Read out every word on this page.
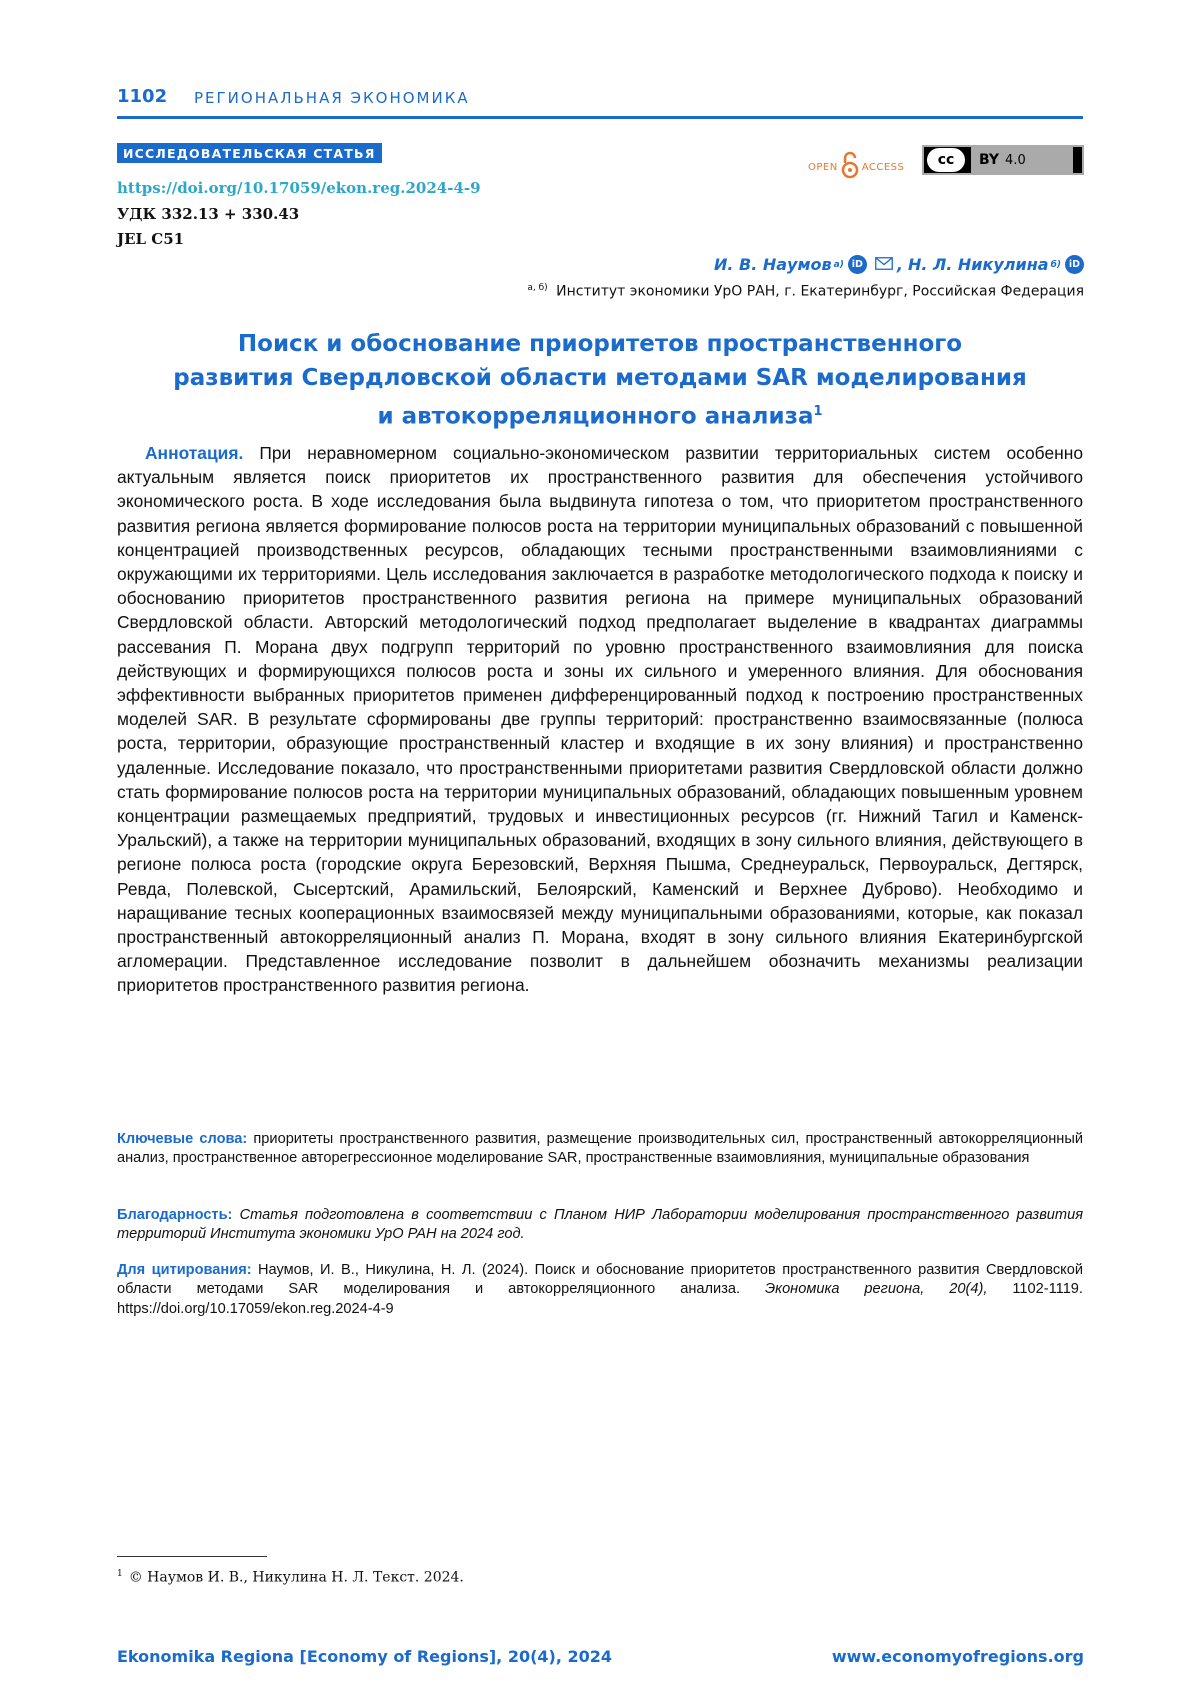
1102 РЕГИОНАЛЬНАЯ ЭКОНОМИКА
ИССЛЕДОВАТЕЛЬСКАЯ СТАТЬЯ
https://doi.org/10.17059/ekon.reg.2024-4-9
УДК 332.13 + 330.43
JEL C51
OPEN ACCESS	cc	BY 4.0
И. В. Наумов а) iD , Н. Л. Никулина б) iD
$^{а, б)}$ Институт экономики УрО РАН, г. Екатеринбург, Российская Федерация
Поиск и обоснование приоритетов пространственного
развития Свердловской области методами SAR моделирования
и автокорреляционного анализа$^1$

Аннотация. При неравномерном социально-экономическом развитии территориальных систем особенно актуальным является поиск приоритетов их пространственного развития для обеспечения устойчивого экономического роста. В ходе исследования была выдвинута гипотеза о том, что приоритетом пространственного развития региона является формирование полюсов роста на территории муниципальных образований с повышенной концентрацией производственных ресурсов, обладающих тесными пространственными взаимовлияниями с окружающими их территориями. Цель исследования заключается в разработке методологического подхода к поиску и обоснованию приоритетов пространственного развития региона на примере муниципальных образований Свердловской области. Авторский методологический подход предполагает выделение в квадрантах диаграммы рассевания П. Морана двух подгрупп территорий по уровню пространственного взаимовлияния для поиска действующих и формирующихся полюсов роста и зоны их сильного и умеренного влияния. Для обоснования эффективности выбранных приоритетов применен дифференцированный подход к построению пространственных моделей SAR. В результате сформированы две группы территорий: пространственно взаимосвязанные (полюса роста, территории, образующие пространственный кластер и входящие в их зону влияния) и пространственно удаленные. Исследование показало, что пространственными приоритетами развития Свердловской области должно стать формирование полюсов роста на территории муниципальных образований, обладающих повышенным уровнем концентрации размещаемых предприятий, трудовых и инвестиционных ресурсов (гг. Нижний Тагил и Каменск-Уральский), а также на территории муниципальных образований, входящих в зону сильного влияния, действующего в регионе полюса роста (городские округа Березовский, Верхняя Пышма, Среднеуральск, Первоуральск, Дегтярск, Ревда, Полевской, Сысертский, Арамильский, Белоярский, Каменский и Верхнее Дуброво). Необходимо и наращивание тесных кооперационных взаимосвязей между муниципальными образованиями, которые, как показал пространственный автокорреляционный анализ П. Морана, входят в зону сильного влияния Екатеринбургской агломерации. Представленное исследование позволит в дальнейшем обозначить механизмы реализации приоритетов пространственного развития региона.

Ключевые слова: приоритеты пространственного развития, размещение производительных сил, пространственный автокорреляционный анализ, пространственное авторегрессионное моделирование SAR, пространственные взаимовлияния, муниципальные образования
Благодарность: Статья подготовлена в соответствии с Планом НИР Лаборатории моделирования пространственного развития территорий Института экономики УрО РАН на 2024 год.
Для цитирования: Наумов, И. В., Никулина, Н. Л. (2024). Поиск и обоснование приоритетов пространственного развития Свердловской области методами SAR моделирования и автокорреляционного анализа. Экономика региона, 20(4), 1102-1119. https://doi.org/10.17059/ekon.reg.2024-4-9
$^1$ © Наумов И. В., Никулина Н. Л. Текст. 2024.
Ekonomika Regiona [Economy of Regions], 20(4), 2024	www.economyofregions.org
